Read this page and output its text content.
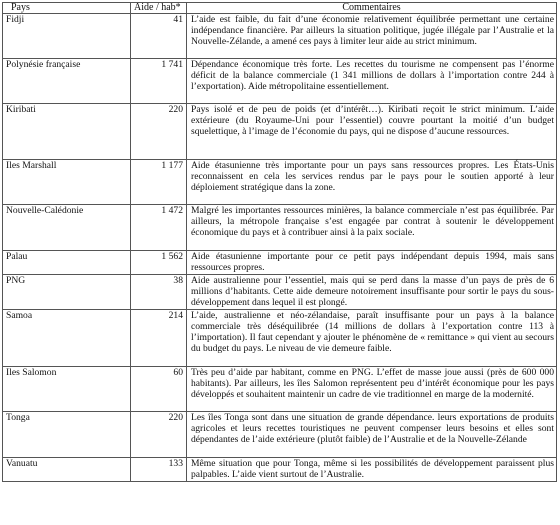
Pays	Aide / hab*	Commentaires
Fidji	41	L’aide est faible, du fait d’une économie relativement équilibrée permettant une certaine indépendance financière. Par ailleurs la situation politique, jugée illégale par l’Australie et la Nouvelle-Zélande, a amené ces pays à limiter leur aide au strict minimum.
Polynésie française	1 741	Dépendance économique très forte. Les recettes du tourisme ne compensent pas l’énorme déficit de la balance commerciale (1 341 millions de dollars à l’importation contre 244 à l’exportation). Aide métropolitaine essentiellement.
Kiribati	220	Pays isolé et de peu de poids (et d’intérêt…). Kiribati reçoit le strict minimum. L’aide extérieure (du Royaume-Uni pour l’essentiel) couvre pourtant la moitié d’un budget squelettique, à l’image de l’économie du pays, qui ne dispose d’aucune ressources.
Iles Marshall	1 177	Aide étasunienne très importante pour un pays sans ressources propres. Les États-Unis reconnaissent en cela les services rendus par le pays pour le soutien apporté à leur déploiement stratégique dans la zone.
Nouvelle-Calédonie	1 472	Malgré les importantes ressources minières, la balance commerciale n’est pas équilibrée. Par ailleurs, la métropole française s’est engagée par contrat à soutenir le développement économique du pays et à contribuer ainsi à la paix sociale.
Palau	1 562	Aide étasunienne importante pour ce petit pays indépendant depuis 1994, mais sans ressources propres.
PNG	38	Aide australienne pour l’essentiel, mais qui se perd dans la masse d’un pays de près de 6 millions d’habitants. Cette aide demeure notoirement insuffisante pour sortir le pays du sous-développement dans lequel il est plongé.
Samoa	214	L’aide, australienne et néo-zélandaise, paraît insuffisante pour un pays à la balance commerciale très déséquilibrée (14 millions de dollars à l’exportation contre 113 à l’importation). Il faut cependant y ajouter le phénomène de « remittance » qui vient au secours du budget du pays. Le niveau de vie demeure faible.
Iles Salomon	60	Très peu d’aide par habitant, comme en PNG. L’effet de masse joue aussi (près de 600 000 habitants). Par ailleurs, les îles Salomon représentent peu d’intérêt économique pour les pays développés et souhaitent maintenir un cadre de vie traditionnel en marge de la modernité.
Tonga	220	Les îles Tonga sont dans une situation de grande dépendance. leurs exportations de produits agricoles et leurs recettes touristiques ne peuvent compenser leurs besoins et elles sont dépendantes de l’aide extérieure (plutôt faible) de l’Australie et de la Nouvelle-Zélande
Vanuatu	133	Même situation que pour Tonga, même si les possibilités de développement paraissent plus palpables. L’aide vient surtout de l’Australie.
